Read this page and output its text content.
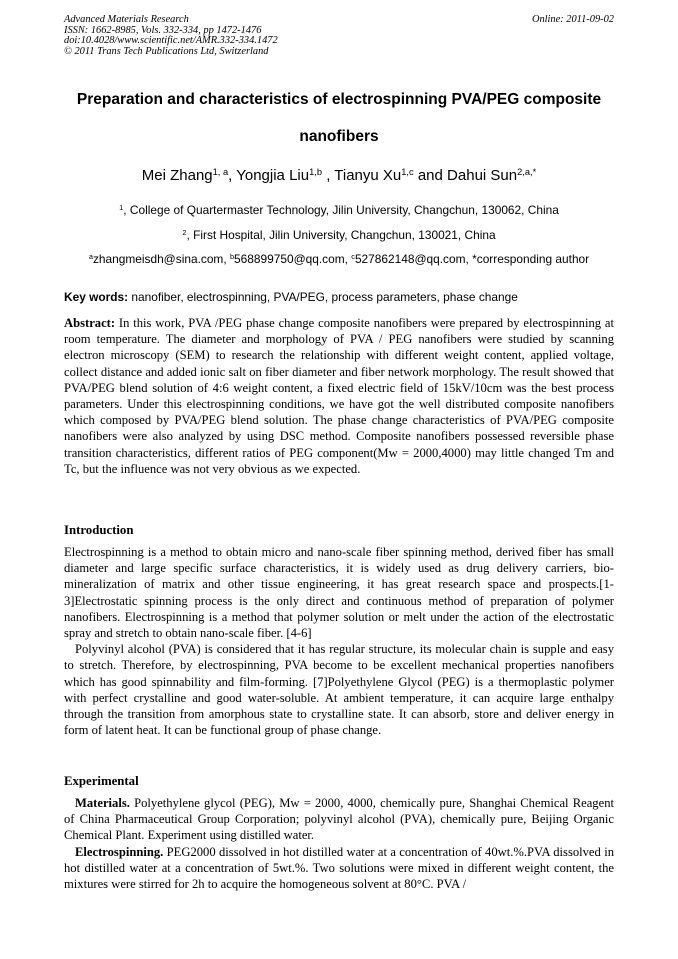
Advanced Materials Research
ISSN: 1662-8985, Vols. 332-334, pp 1472-1476
doi:10.4028/www.scientific.net/AMR.332-334.1472
© 2011 Trans Tech Publications Ltd, Switzerland
Online: 2011-09-02
Preparation and characteristics of electrospinning PVA/PEG composite
nanofibers
Mei Zhang$^{1, a}$, Yongjia Liu$^{1,b}$ , Tianyu Xu$^{1,c}$ and Dahui Sun$^{2,a,*}$
$^1$, College of Quartermaster Technology, Jilin University, Changchun, 130062, China
$^2$, First Hospital, Jilin University, Changchun, 130021, China
$^a$zhangmeisdh@sina.com, $^b$568899750@qq.com, $^c$527862148@qq.com, *corresponding author
Key words: nanofiber, electrospinning, PVA/PEG, process parameters, phase change
Abstract: In this work, PVA /PEG phase change composite nanofibers were prepared by electrospinning at room temperature. The diameter and morphology of PVA / PEG nanofibers were studied by scanning electron microscopy (SEM) to research the relationship with different weight content, applied voltage, collect distance and added ionic salt on fiber diameter and fiber network morphology. The result showed that PVA/PEG blend solution of 4:6 weight content, a fixed electric field of 15kV/10cm was the best process parameters. Under this electrospinning conditions, we have got the well distributed composite nanofibers which composed by PVA/PEG blend solution. The phase change characteristics of PVA/PEG composite nanofibers were also analyzed by using DSC method. Composite nanofibers possessed reversible phase transition characteristics, different ratios of PEG component(Mw = 2000,4000) may little changed Tm and Tc, but the influence was not very obvious as we expected.
Introduction

Electrospinning is a method to obtain micro and nano-scale fiber spinning method, derived fiber has small diameter and large specific surface characteristics, it is widely used as drug delivery carriers, bio-mineralization of matrix and other tissue engineering, it has great research space and prospects.[1-3]Electrostatic spinning process is the only direct and continuous method of preparation of polymer nanofibers. Electrospinning is a method that polymer solution or melt under the action of the electrostatic spray and stretch to obtain nano-scale fiber. [4-6]

Polyvinyl alcohol (PVA) is considered that it has regular structure, its molecular chain is supple and easy to stretch. Therefore, by electrospinning, PVA become to be excellent mechanical properties nanofibers which has good spinnability and film-forming. [7]Polyethylene Glycol (PEG) is a thermoplastic polymer with perfect crystalline and good water-soluble. At ambient temperature, it can acquire large enthalpy through the transition from amorphous state to crystalline state. It can absorb, store and deliver energy in form of latent heat. It can be functional group of phase change.

Experimental

Materials. Polyethylene glycol (PEG), Mw = 2000, 4000, chemically pure, Shanghai Chemical Reagent of China Pharmaceutical Group Corporation; polyvinyl alcohol (PVA), chemically pure, Beijing Organic Chemical Plant. Experiment using distilled water.

Electrospinning. PEG2000 dissolved in hot distilled water at a concentration of 40wt.%.PVA dissolved in hot distilled water at a concentration of 5wt.%. Two solutions were mixed in different weight content, the mixtures were stirred for 2h to acquire the homogeneous solvent at 80°C. PVA /
